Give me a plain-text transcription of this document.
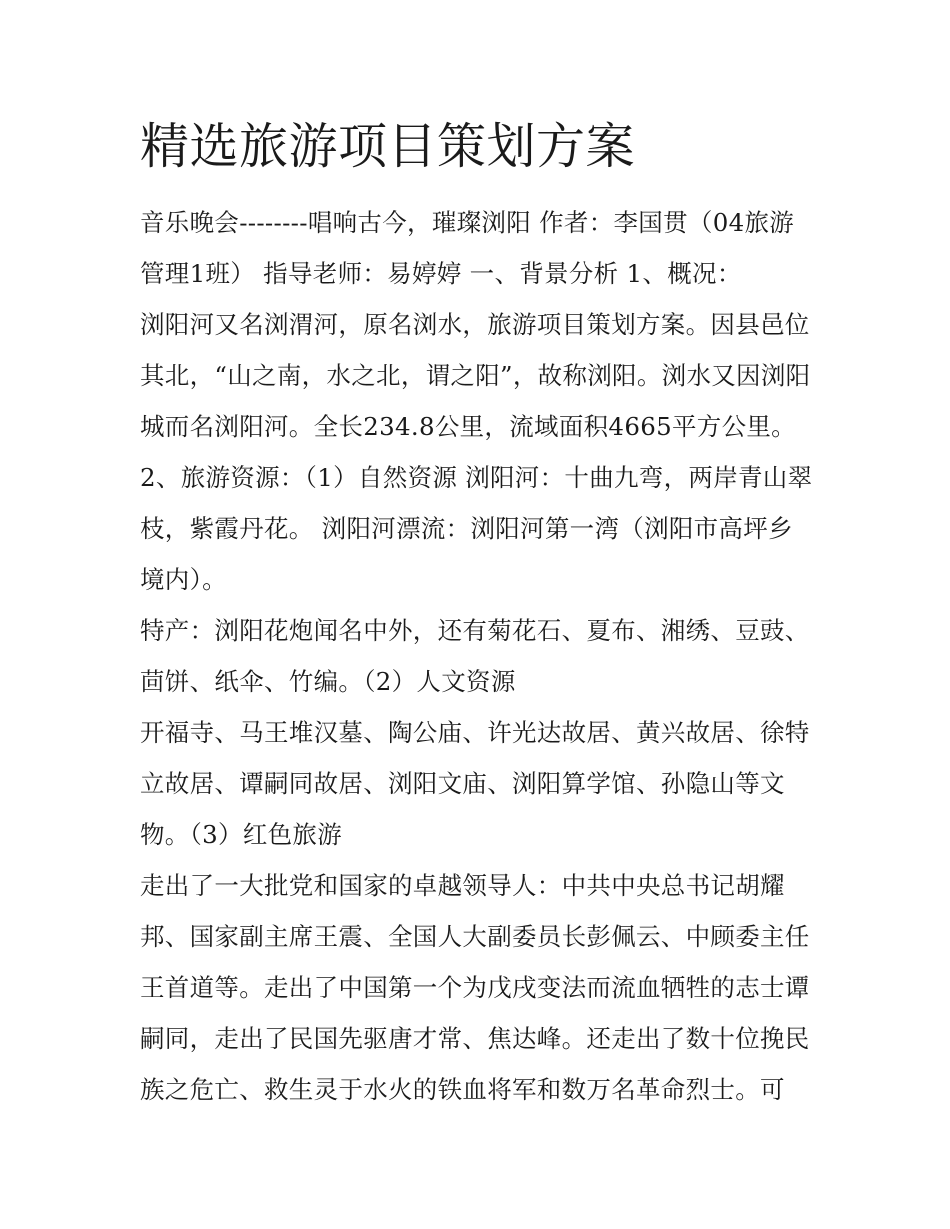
精选旅游项目策划方案

音乐晚会--------唱响古今，璀璨浏阳 作者：李国贯（04旅游管理1班） 指导老师：易婷婷 一、背景分析 1、概况：

浏阳河又名浏渭河，原名浏水，旅游项目策划方案。因县邑位其北，“山之南，水之北，谓之阳”，故称浏阳。浏水又因浏阳城而名浏阳河。全长234.8公里，流域面积4665平方公里。

2、旅游资源：（1）自然资源 浏阳河：十曲九弯，两岸青山翠枝，紫霞丹花。 浏阳河漂流：浏阳河第一湾（浏阳市高坪乡境内）。

特产：浏阳花炮闻名中外，还有菊花石、夏布、湘绣、豆豉、茴饼、纸伞、竹编。（2）人文资源

开福寺、马王堆汉墓、陶公庙、许光达故居、黄兴故居、徐特立故居、谭嗣同故居、浏阳文庙、浏阳算学馆、孙隐山等文物。（3）红色旅游

走出了一大批党和国家的卓越领导人：中共中央总书记胡耀邦、国家副主席王震、全国人大副委员长彭佩云、中顾委主任王首道等。走出了中国第一个为戊戌变法而流血牺牲的志士谭嗣同，走出了民国先驱唐才常、焦达峰。还走出了数十位挽民族之危亡、救生灵于水火的铁血将军和数万名革命烈士。可
